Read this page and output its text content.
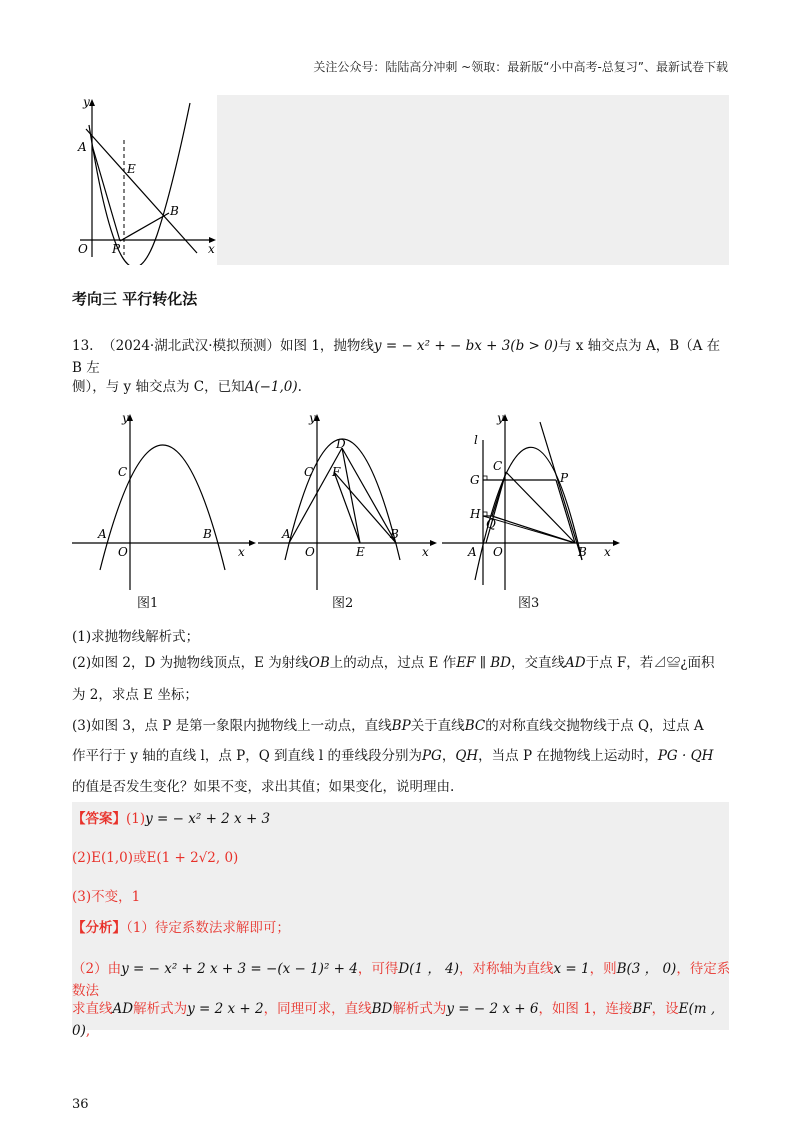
关注公众号：陆陆高分冲刺 ~领取：最新版“小中高考-总复习”、最新试卷下载
y
x
O
A
E
B
P
考向三 平行转化法
13. （2024·湖北武汉·模拟预测）如图 1，抛物线y = − x² + − bx + 3(b > 0)与 x 轴交点为 A，B（A 在 B 左
侧），与 y 轴交点为 C，已知A(−1,0).
y
x
O
A	B
C
y
x
O
A	B
C
D
E
F
y
x
O
A	B
C
P
G
H
Q
l
图1	图2	图3
(1)求抛物线解析式；
(2)如图 2，D 为抛物线顶点，E 为射线OB上的动点，过点 E 作EF ∥ BD，交直线AD于点 F，若⊿≌¿面积
为 2，求点 E 坐标；
(3)如图 3，点 P 是第一象限内抛物线上一动点，直线BP关于直线BC的对称直线交抛物线于点 Q，过点 A
作平行于 y 轴的直线 l，点 P，Q 到直线 l 的垂线段分别为PG，QH，当点 P 在抛物线上运动时，PG · QH
的值是否发生变化？如果不变，求出其值；如果变化，说明理由.
【答案】(1)y = − x² + 2 x + 3
(2)E(1,0)或E(1 + 2√2, 0)
(3)不变，1
【分析】（1）待定系数法求解即可；
（2）由y = − x² + 2 x + 3 = −(x − 1)² + 4，可得D(1 ， 4)，对称轴为直线x = 1，则B(3 ， 0)，待定系数法
求直线AD解析式为y = 2 x + 2，同理可求，直线BD解析式为y = − 2 x + 6，如图 1，连接BF，设E(m , 0),
36
